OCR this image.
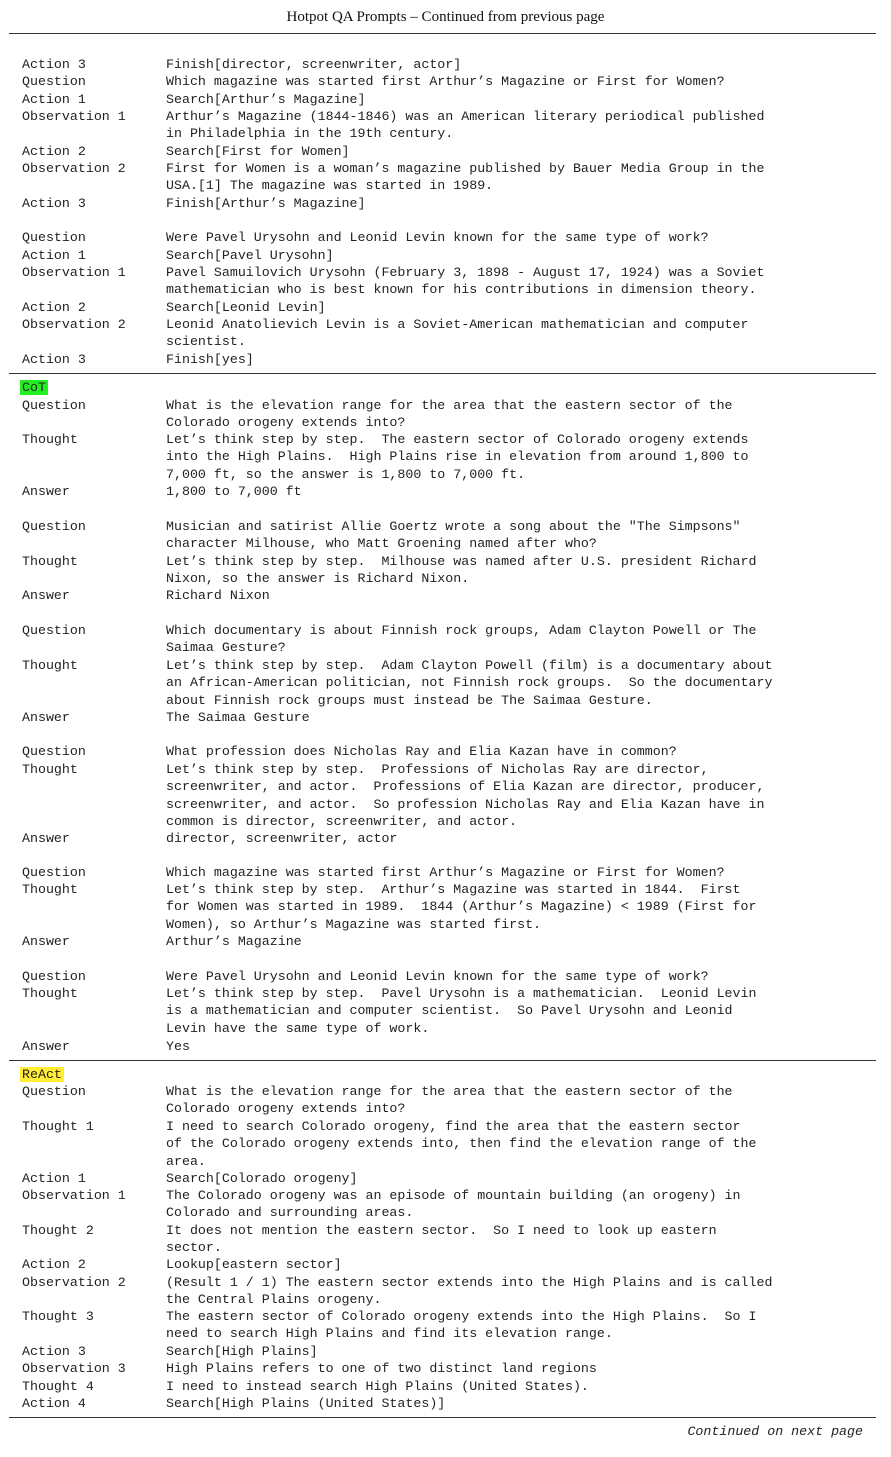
Hotpot QA Prompts – Continued from previous page
Action 3	Finish[director, screenwriter, actor]
Question	Which magazine was started first Arthur’s Magazine or First for Women?
Action 1	Search[Arthur’s Magazine]
Observation 1	Arthur’s Magazine (1844-1846) was an American literary periodical published
in Philadelphia in the 19th century.
Action 2	Search[First for Women]
Observation 2	First for Women is a woman’s magazine published by Bauer Media Group in the
USA.[1] The magazine was started in 1989.
Action 3	Finish[Arthur’s Magazine]
Question	Were Pavel Urysohn and Leonid Levin known for the same type of work?
Action 1	Search[Pavel Urysohn]
Observation 1	Pavel Samuilovich Urysohn (February 3, 1898 - August 17, 1924) was a Soviet
mathematician who is best known for his contributions in dimension theory.
Action 2	Search[Leonid Levin]
Observation 2	Leonid Anatolievich Levin is a Soviet-American mathematician and computer
scientist.
Action 3	Finish[yes]
CoT
Question	What is the elevation range for the area that the eastern sector of the
Colorado orogeny extends into?
Thought	Let’s think step by step.  The eastern sector of Colorado orogeny extends
into the High Plains.  High Plains rise in elevation from around 1,800 to
7,000 ft, so the answer is 1,800 to 7,000 ft.
Answer	1,800 to 7,000 ft
Question	Musician and satirist Allie Goertz wrote a song about the "The Simpsons"
character Milhouse, who Matt Groening named after who?
Thought	Let’s think step by step.  Milhouse was named after U.S. president Richard
Nixon, so the answer is Richard Nixon.
Answer	Richard Nixon
Question	Which documentary is about Finnish rock groups, Adam Clayton Powell or The
Saimaa Gesture?
Thought	Let’s think step by step.  Adam Clayton Powell (film) is a documentary about
an African-American politician, not Finnish rock groups.  So the documentary
about Finnish rock groups must instead be The Saimaa Gesture.
Answer	The Saimaa Gesture
Question	What profession does Nicholas Ray and Elia Kazan have in common?
Thought	Let’s think step by step.  Professions of Nicholas Ray are director,
screenwriter, and actor.  Professions of Elia Kazan are director, producer,
screenwriter, and actor.  So profession Nicholas Ray and Elia Kazan have in
common is director, screenwriter, and actor.
Answer	director, screenwriter, actor
Question	Which magazine was started first Arthur’s Magazine or First for Women?
Thought	Let’s think step by step.  Arthur’s Magazine was started in 1844.  First
for Women was started in 1989.  1844 (Arthur’s Magazine) < 1989 (First for
Women), so Arthur’s Magazine was started first.
Answer	Arthur’s Magazine
Question	Were Pavel Urysohn and Leonid Levin known for the same type of work?
Thought	Let’s think step by step.  Pavel Urysohn is a mathematician.  Leonid Levin
is a mathematician and computer scientist.  So Pavel Urysohn and Leonid
Levin have the same type of work.
Answer	Yes
ReAct
Question	What is the elevation range for the area that the eastern sector of the
Colorado orogeny extends into?
Thought 1	I need to search Colorado orogeny, find the area that the eastern sector
of the Colorado orogeny extends into, then find the elevation range of the
area.
Action 1	Search[Colorado orogeny]
Observation 1	The Colorado orogeny was an episode of mountain building (an orogeny) in
Colorado and surrounding areas.
Thought 2	It does not mention the eastern sector.  So I need to look up eastern
sector.
Action 2	Lookup[eastern sector]
Observation 2	(Result 1 / 1) The eastern sector extends into the High Plains and is called
the Central Plains orogeny.
Thought 3	The eastern sector of Colorado orogeny extends into the High Plains.  So I
need to search High Plains and find its elevation range.
Action 3	Search[High Plains]
Observation 3	High Plains refers to one of two distinct land regions
Thought 4	I need to instead search High Plains (United States).
Action 4	Search[High Plains (United States)]
Continued on next page
